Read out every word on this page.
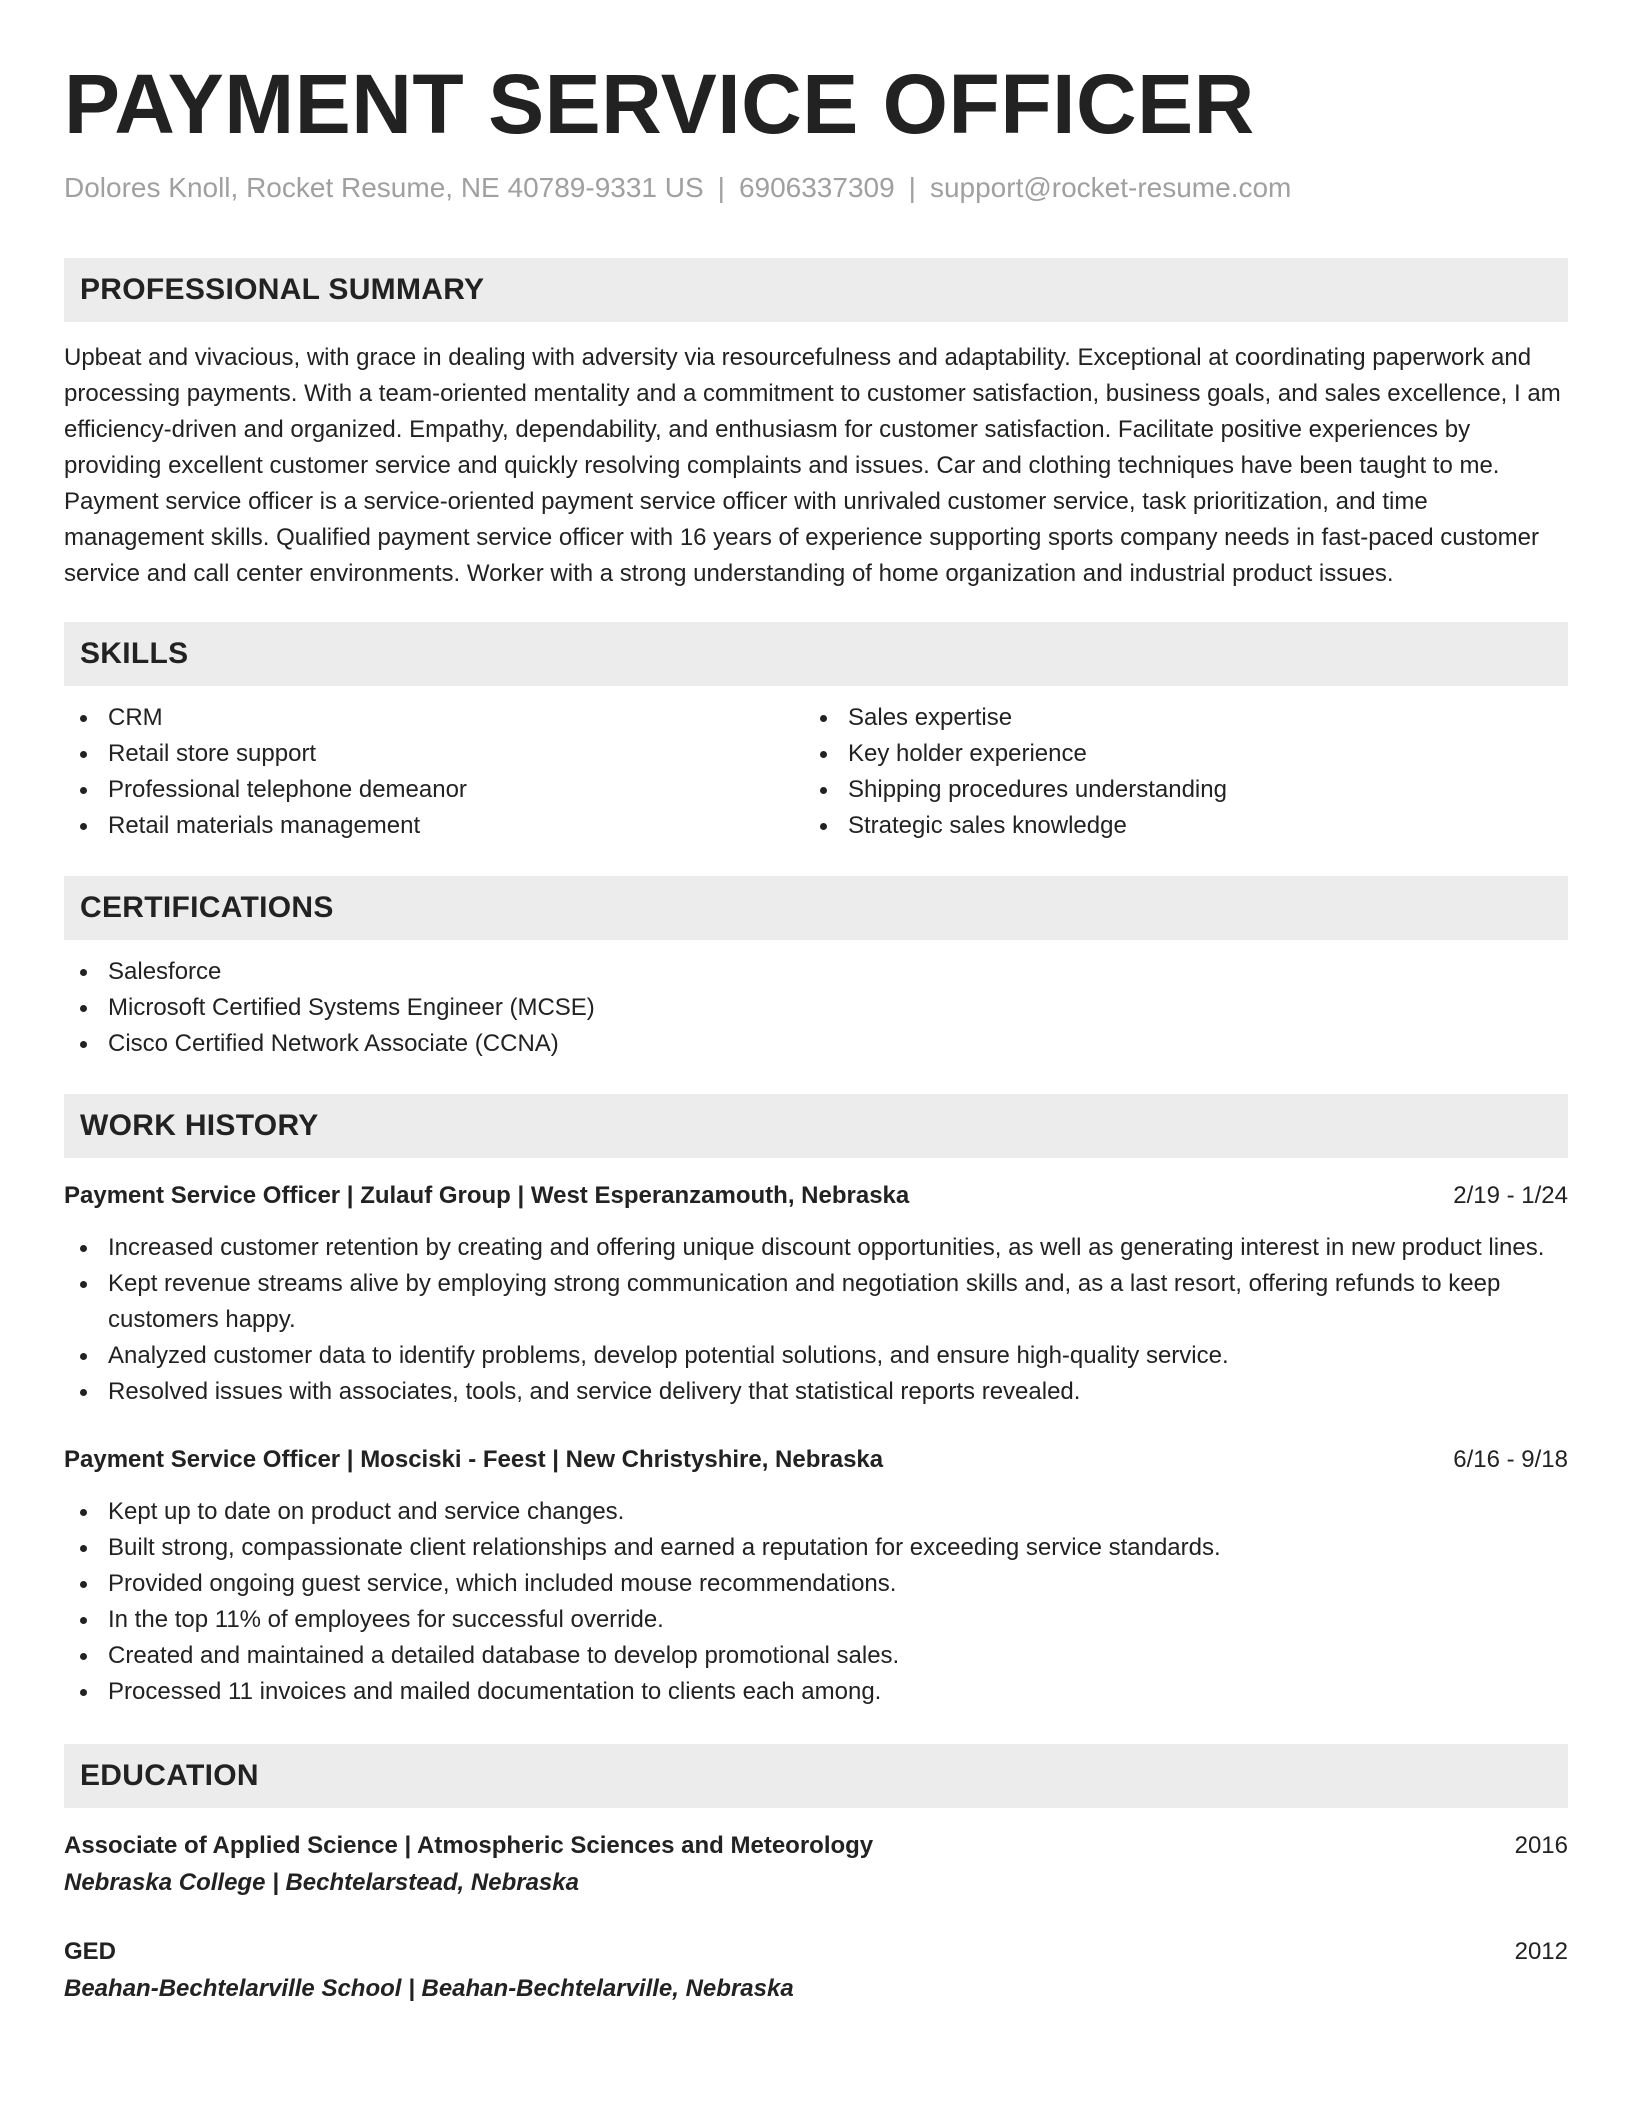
PAYMENT SERVICE OFFICER
Dolores Knoll, Rocket Resume, NE 40789-9331 US | 6906337309 | support@rocket-resume.com
PROFESSIONAL SUMMARY

Upbeat and vivacious, with grace in dealing with adversity via resourcefulness and adaptability. Exceptional at coordinating paperwork and processing payments. With a team-oriented mentality and a commitment to customer satisfaction, business goals, and sales excellence, I am efficiency-driven and organized. Empathy, dependability, and enthusiasm for customer satisfaction. Facilitate positive experiences by providing excellent customer service and quickly resolving complaints and issues. Car and clothing techniques have been taught to me. Payment service officer is a service-oriented payment service officer with unrivaled customer service, task prioritization, and time management skills. Qualified payment service officer with 16 years of experience supporting sports company needs in fast-paced customer service and call center environments. Worker with a strong understanding of home organization and industrial product issues.

SKILLS
CRM
Retail store support
Professional telephone demeanor
Retail materials management
Sales expertise
Key holder experience
Shipping procedures understanding
Strategic sales knowledge
CERTIFICATIONS
Salesforce
Microsoft Certified Systems Engineer (MCSE)
Cisco Certified Network Associate (CCNA)
WORK HISTORY
Payment Service Officer | Zulauf Group | West Esperanzamouth, Nebraska	2/19 - 1/24
Increased customer retention by creating and offering unique discount opportunities, as well as generating interest in new product lines.
Kept revenue streams alive by employing strong communication and negotiation skills and, as a last resort, offering refunds to keep customers happy.
Analyzed customer data to identify problems, develop potential solutions, and ensure high-quality service.
Resolved issues with associates, tools, and service delivery that statistical reports revealed.
Payment Service Officer | Mosciski - Feest | New Christyshire, Nebraska	6/16 - 9/18
Kept up to date on product and service changes.
Built strong, compassionate client relationships and earned a reputation for exceeding service standards.
Provided ongoing guest service, which included mouse recommendations.
In the top 11% of employees for successful override.
Created and maintained a detailed database to develop promotional sales.
Processed 11 invoices and mailed documentation to clients each among.
EDUCATION
Associate of Applied Science | Atmospheric Sciences and Meteorology	2016
Nebraska College | Bechtelarstead, Nebraska
GED	2012
Beahan-Bechtelarville School | Beahan-Bechtelarville, Nebraska
